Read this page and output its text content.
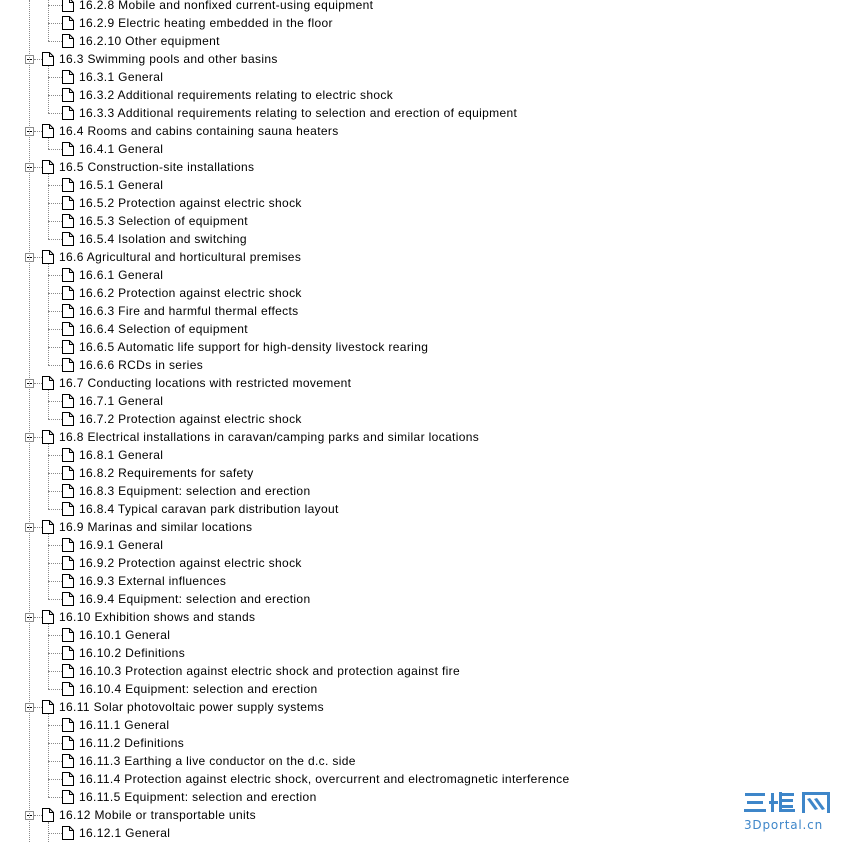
16.2.8 Mobile and nonfixed current-using equipment
16.2.9 Electric heating embedded in the floor
16.2.10 Other equipment
16.3 Swimming pools and other basins
16.3.1 General
16.3.2 Additional requirements relating to electric shock
16.3.3 Additional requirements relating to selection and erection of equipment
16.4 Rooms and cabins containing sauna heaters
16.4.1 General
16.5 Construction-site installations
16.5.1 General
16.5.2 Protection against electric shock
16.5.3 Selection of equipment
16.5.4 Isolation and switching
16.6 Agricultural and horticultural premises
16.6.1 General
16.6.2 Protection against electric shock
16.6.3 Fire and harmful thermal effects
16.6.4 Selection of equipment
16.6.5 Automatic life support for high-density livestock rearing
16.6.6 RCDs in series
16.7 Conducting locations with restricted movement
16.7.1 General
16.7.2 Protection against electric shock
16.8 Electrical installations in caravan/camping parks and similar locations
16.8.1 General
16.8.2 Requirements for safety
16.8.3 Equipment: selection and erection
16.8.4 Typical caravan park distribution layout
16.9 Marinas and similar locations
16.9.1 General
16.9.2 Protection against electric shock
16.9.3 External influences
16.9.4 Equipment: selection and erection
16.10 Exhibition shows and stands
16.10.1 General
16.10.2 Definitions
16.10.3 Protection against electric shock and protection against fire
16.10.4 Equipment: selection and erection
16.11 Solar photovoltaic power supply systems
16.11.1 General
16.11.2 Definitions
16.11.3 Earthing a live conductor on the d.c. side
16.11.4 Protection against electric shock, overcurrent and electromagnetic interference
16.11.5 Equipment: selection and erection
16.12 Mobile or transportable units
16.12.1 General
3Dportal.cn
